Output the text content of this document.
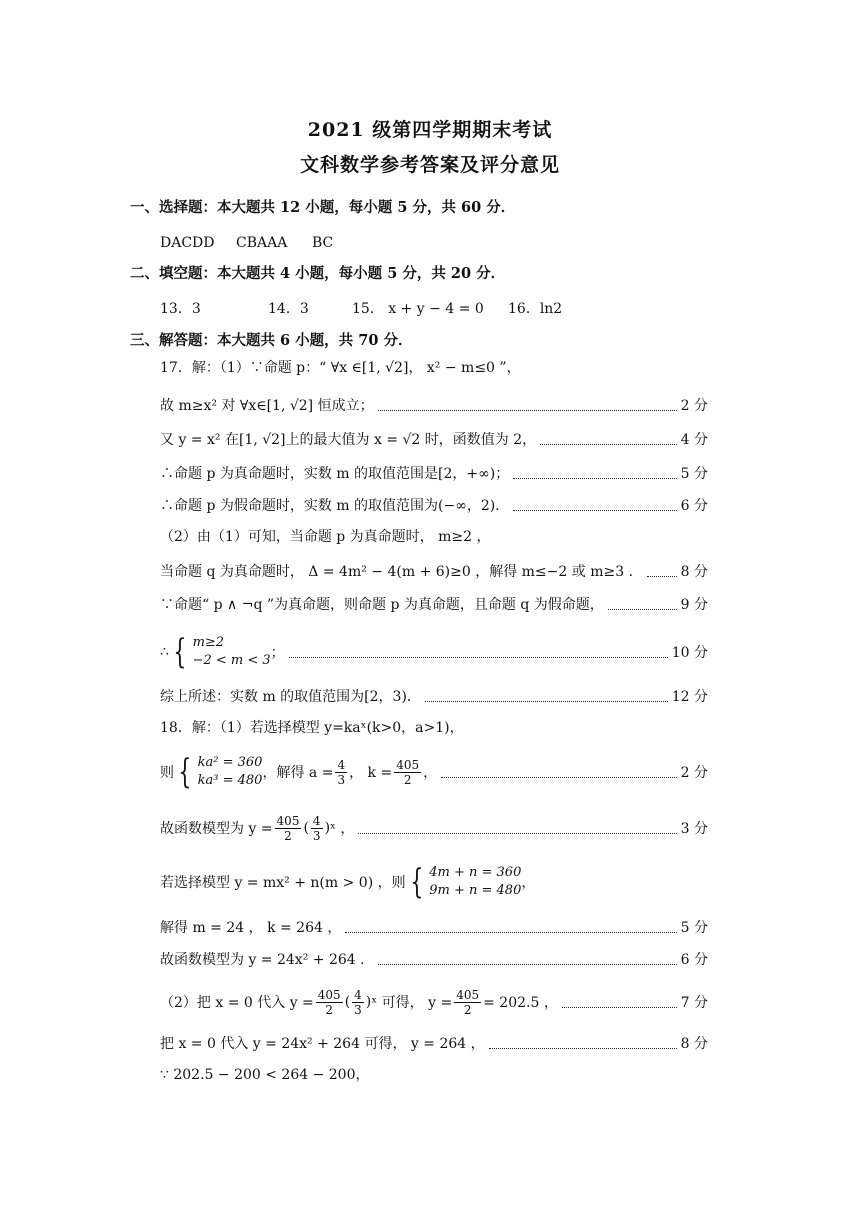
2021 级第四学期期末考试
文科数学参考答案及评分意见
一、选择题：本大题共 12 小题，每小题 5 分，共 60 分．
DACDD CBAAA BC
二、填空题：本大题共 4 小题，每小题 5 分，共 20 分．
13．3	14．3	15． x + y − 4 = 0 16．ln2
三、解答题：本大题共 6 小题，共 70 分．
17．解：（1）∵命题 p：“ ∀x ∈[1, √2]， x² − m≤0 ”，
故 m≥x² 对 ∀x∈[1, √2] 恒成立；	2 分
又 y = x² 在[1, √2]上的最大值为 x = √2 时，函数值为 2，	4 分
∴命题 p 为真命题时，实数 m 的取值范围是[2，+∞)；	5 分
∴命题 p 为假命题时，实数 m 的取值范围为(−∞，2)．	6 分
（2）由（1）可知，当命题 p 为真命题时， m≥2 ，
当命题 q 为真命题时， Δ = 4m² − 4(m + 6)≥0 ，解得 m≤−2 或 m≥3 ．	8 分
∵命题“ p ∧ ¬q ”为真命题，则命题 p 为真命题，且命题 q 为假命题，	9 分
∴ { m≥2
−2 < m < 3 ；	10 分
综上所述：实数 m 的取值范围为[2，3)．	12 分
18．解：（1）若选择模型 y=kaˣ(k>0，a>1)，
则 { ka² = 360
ka³ = 480 ，解得 $a = \frac{4}{3}$ ， $k = \frac{405}{2}$ ，	2 分
故函数模型为 $y = \frac{405}{2}$ ( $\frac{4}{3}$ ) ˣ ，	3 分
若选择模型 y = mx² + n(m > 0) ，则 { 4m + n = 360
9m + n = 480 ，
解得 m = 24 ， k = 264 ，	5 分
故函数模型为 y = 24x² + 264 ．	6 分
（2）把 x = 0 代入 $y = \frac{405}{2}$ ( $\frac{4}{3}$ ) ˣ 可得， $y = \frac{405}{2} = 202.5$ ，	7 分
把 x = 0 代入 y = 24x² + 264 可得， y = 264 ，	8 分
∵ 202.5 − 200 < 264 − 200，
